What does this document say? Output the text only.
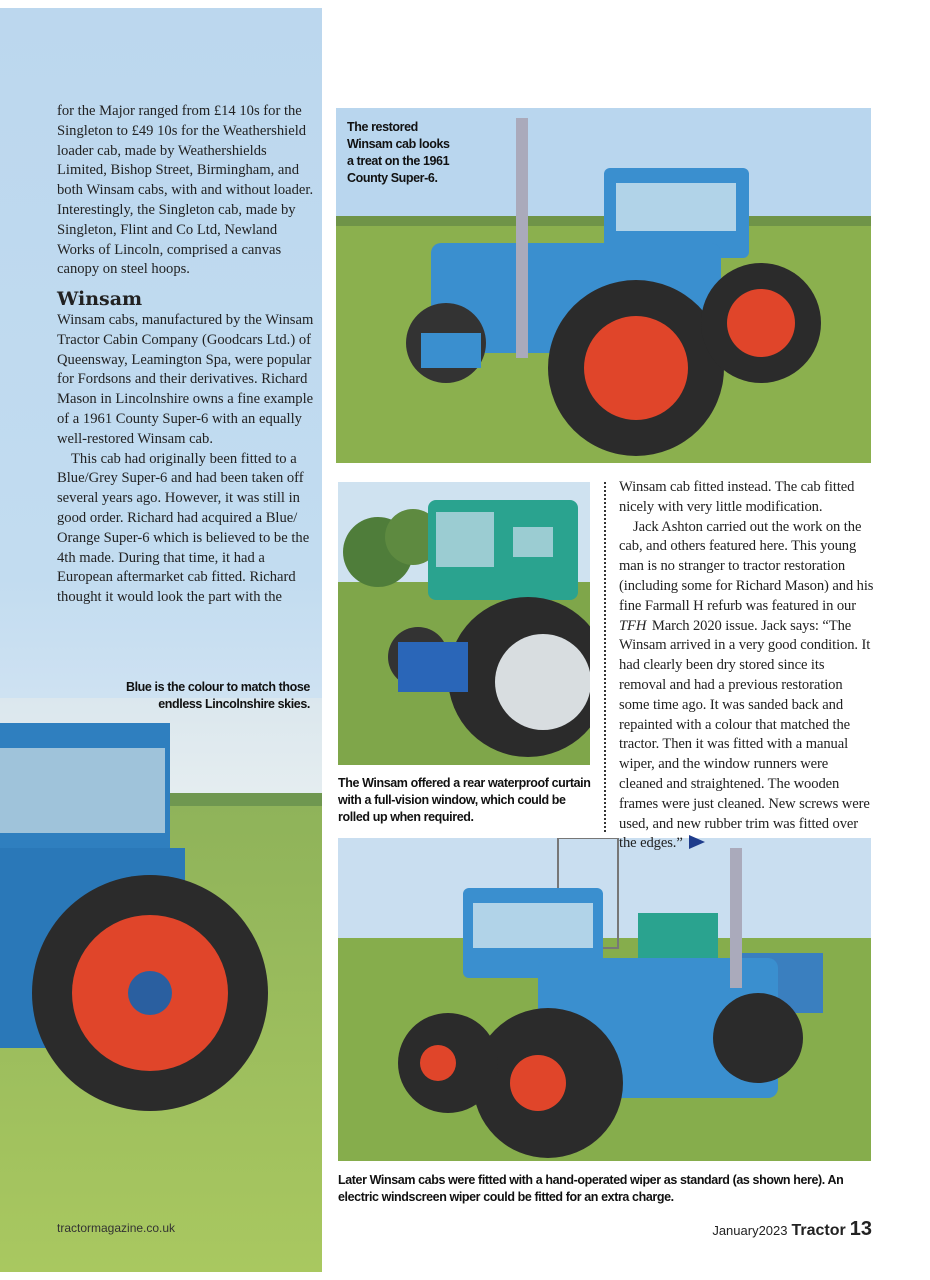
for the Major ranged from £14 10s for the Singleton to £49 10s for the Weathershield loader cab, made by Weathershields Limited, Bishop Street, Birmingham, and both Winsam cabs, with and without loader. Interestingly, the Singleton cab, made by Singleton, Flint and Co Ltd, Newland Works of Lincoln, comprised a canvas canopy on steel hoops.

Winsam

Winsam cabs, manufactured by the Winsam Tractor Cabin Company (Goodcars Ltd.) of Queensway, Leamington Spa, were popular for Fordsons and their derivatives. Richard Mason in Lincolnshire owns a fine example of a 1961 County Super-6 with an equally well-restored Winsam cab.

This cab had originally been fitted to a Blue/Grey Super-6 and had been taken off several years ago. However, it was still in good order. Richard had acquired a Blue/ Orange Super-6 which is believed to be the 4th made. During that time, it had a European aftermarket cab fitted. Richard thought it would look the part with the

Blue is the colour to match those endless Lincolnshire skies.
The restored Winsam cab looks a treat on the 1961 County Super-6.
The Winsam offered a rear waterproof curtain with a full-vision window, which could be rolled up when required.

Winsam cab fitted instead. The cab fitted nicely with very little modification.

Jack Ashton carried out the work on the cab, and others featured here. This young man is no stranger to tractor restoration (including some for Richard Mason) and his fine Farmall H refurb was featured in our TFH March 2020 issue. Jack says: “The Winsam arrived in a very good condition. It had clearly been dry stored since its removal and had a previous restoration some time ago. It was sanded back and repainted with a colour that matched the tractor. Then it was fitted with a manual wiper, and the window runners were cleaned and straightened. The wooden frames were just cleaned. New screws were used, and new rubber trim was fitted over the edges.”

Later Winsam cabs were fitted with a hand-operated wiper as standard (as shown here). An electric windscreen wiper could be fitted for an extra charge.
tractormagazine.co.uk	January2023 Tractor 13
